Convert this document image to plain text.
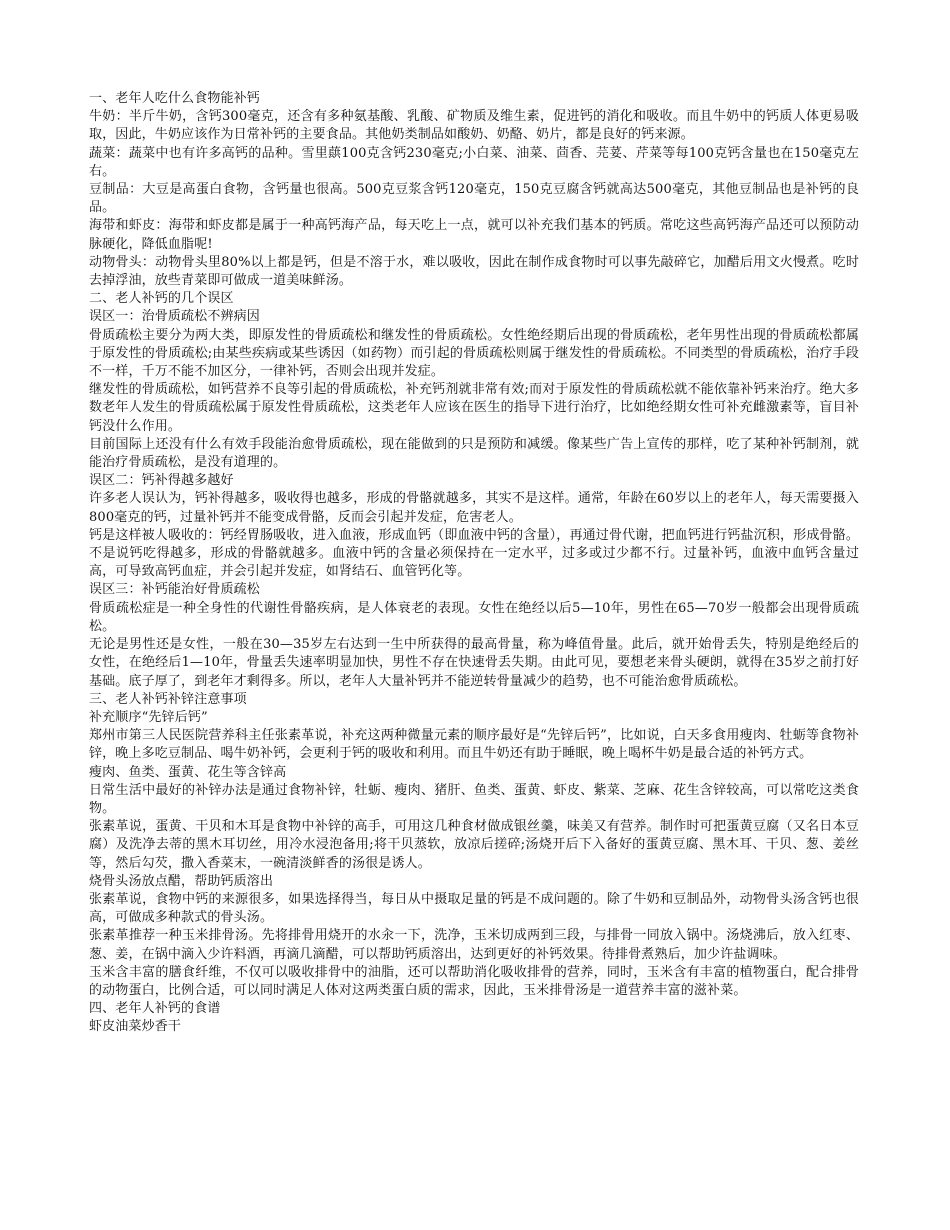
一、老年人吃什么食物能补钙

牛奶：半斤牛奶，含钙300毫克，还含有多种氨基酸、乳酸、矿物质及维生素，促进钙的消化和吸收。而且牛奶中的钙质人体更易吸取，因此，牛奶应该作为日常补钙的主要食品。其他奶类制品如酸奶、奶酪、奶片，都是良好的钙来源。

蔬菜：蔬菜中也有许多高钙的品种。雪里蕻100克含钙230毫克;小白菜、油菜、茴香、芫荽、芹菜等每100克钙含量也在150毫克左右。

豆制品：大豆是高蛋白食物，含钙量也很高。500克豆浆含钙120毫克，150克豆腐含钙就高达500毫克，其他豆制品也是补钙的良品。

海带和虾皮：海带和虾皮都是属于一种高钙海产品，每天吃上一点，就可以补充我们基本的钙质。常吃这些高钙海产品还可以预防动脉硬化，降低血脂呢!

动物骨头：动物骨头里80%以上都是钙，但是不溶于水，难以吸收，因此在制作成食物时可以事先敲碎它，加醋后用文火慢煮。吃时去掉浮油，放些青菜即可做成一道美味鲜汤。

二、老人补钙的几个误区

误区一：治骨质疏松不辨病因

骨质疏松主要分为两大类，即原发性的骨质疏松和继发性的骨质疏松。女性绝经期后出现的骨质疏松，老年男性出现的骨质疏松都属于原发性的骨质疏松;由某些疾病或某些诱因（如药物）而引起的骨质疏松则属于继发性的骨质疏松。不同类型的骨质疏松，治疗手段不一样，千万不能不加区分，一律补钙，否则会出现并发症。

继发性的骨质疏松，如钙营养不良等引起的骨质疏松，补充钙剂就非常有效;而对于原发性的骨质疏松就不能依靠补钙来治疗。绝大多数老年人发生的骨质疏松属于原发性骨质疏松，这类老年人应该在医生的指导下进行治疗，比如绝经期女性可补充雌激素等，盲目补钙没什么作用。

目前国际上还没有什么有效手段能治愈骨质疏松，现在能做到的只是预防和减缓。像某些广告上宣传的那样，吃了某种补钙制剂，就能治疗骨质疏松，是没有道理的。

误区二：钙补得越多越好

许多老人误认为，钙补得越多，吸收得也越多，形成的骨骼就越多，其实不是这样。通常，年龄在60岁以上的老年人，每天需要摄入800毫克的钙，过量补钙并不能变成骨骼，反而会引起并发症，危害老人。

钙是这样被人吸收的：钙经胃肠吸收，进入血液，形成血钙（即血液中钙的含量），再通过骨代谢，把血钙进行钙盐沉积，形成骨骼。不是说钙吃得越多，形成的骨骼就越多。血液中钙的含量必须保持在一定水平，过多或过少都不行。过量补钙，血液中血钙含量过高，可导致高钙血症，并会引起并发症，如肾结石、血管钙化等。

误区三：补钙能治好骨质疏松

骨质疏松症是一种全身性的代谢性骨骼疾病，是人体衰老的表现。女性在绝经以后5—10年，男性在65—70岁一般都会出现骨质疏松。

无论是男性还是女性，一般在30—35岁左右达到一生中所获得的最高骨量，称为峰值骨量。此后，就开始骨丢失，特别是绝经后的女性，在绝经后1—10年，骨量丢失速率明显加快，男性不存在快速骨丢失期。由此可见，要想老来骨头硬朗，就得在35岁之前打好基础。底子厚了，到老年才剩得多。所以，老年人大量补钙并不能逆转骨量减少的趋势，也不可能治愈骨质疏松。

三、老人补钙补锌注意事项

补充顺序“先锌后钙”

郑州市第三人民医院营养科主任张素革说，补充这两种微量元素的顺序最好是“先锌后钙”，比如说，白天多食用瘦肉、牡蛎等食物补锌，晚上多吃豆制品、喝牛奶补钙，会更利于钙的吸收和利用。而且牛奶还有助于睡眠，晚上喝杯牛奶是最合适的补钙方式。

瘦肉、鱼类、蛋黄、花生等含锌高

日常生活中最好的补锌办法是通过食物补锌，牡蛎、瘦肉、猪肝、鱼类、蛋黄、虾皮、紫菜、芝麻、花生含锌较高，可以常吃这类食物。

张素革说，蛋黄、干贝和木耳是食物中补锌的高手，可用这几种食材做成银丝羹，味美又有营养。制作时可把蛋黄豆腐（又名日本豆腐）及洗净去蒂的黑木耳切丝，用冷水浸泡备用;将干贝蒸软，放凉后搓碎;汤烧开后下入备好的蛋黄豆腐、黑木耳、干贝、葱、姜丝等，然后勾芡，撒入香菜末，一碗清淡鲜香的汤很是诱人。

烧骨头汤放点醋，帮助钙质溶出

张素革说，食物中钙的来源很多，如果选择得当，每日从中摄取足量的钙是不成问题的。除了牛奶和豆制品外，动物骨头汤含钙也很高，可做成多种款式的骨头汤。

张素革推荐一种玉米排骨汤。先将排骨用烧开的水汆一下，洗净，玉米切成两到三段，与排骨一同放入锅中。汤烧沸后，放入红枣、葱、姜，在锅中滴入少许料酒，再滴几滴醋，可以帮助钙质溶出，达到更好的补钙效果。待排骨煮熟后，加少许盐调味。

玉米含丰富的膳食纤维，不仅可以吸收排骨中的油脂，还可以帮助消化吸收排骨的营养，同时，玉米含有丰富的植物蛋白，配合排骨的动物蛋白，比例合适，可以同时满足人体对这两类蛋白质的需求，因此，玉米排骨汤是一道营养丰富的滋补菜。

四、老年人补钙的食谱

虾皮油菜炒香干
